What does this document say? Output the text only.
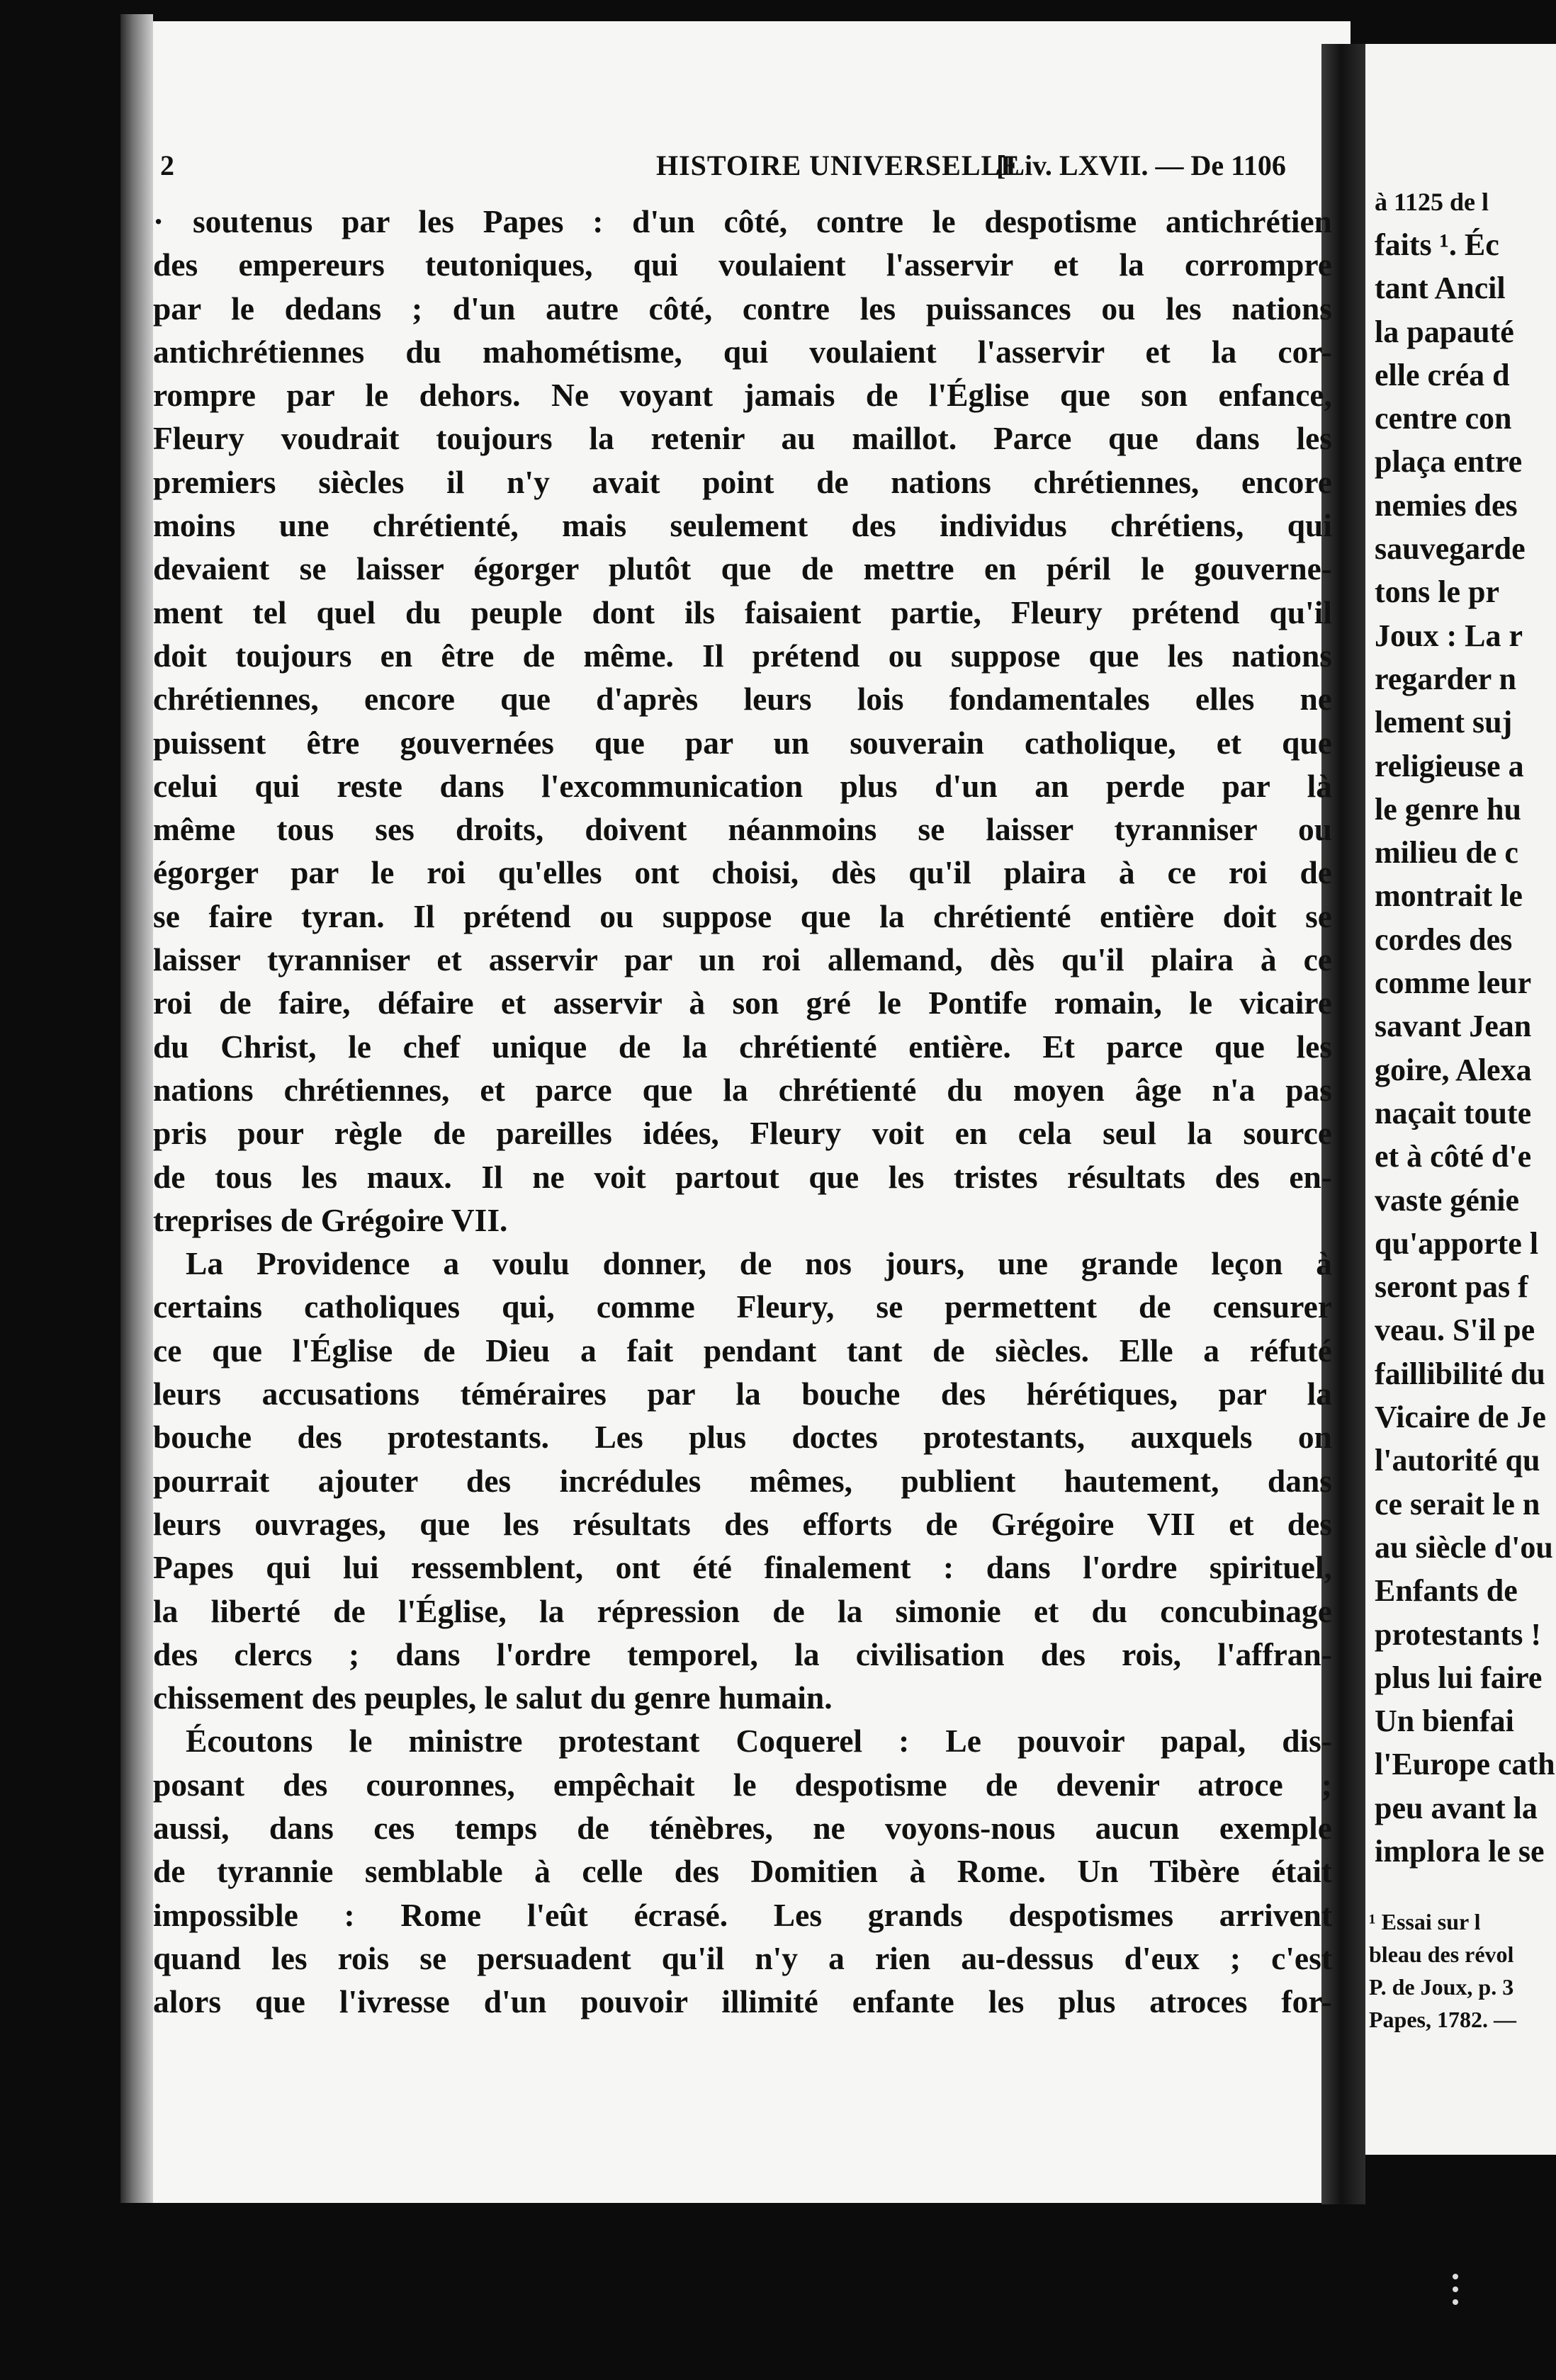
2	HISTOIRE UNIVERSELLE
[Liv. LXVII. — De 1106
· soutenus par les Papes : d'un côté, contre le despotisme antichrétien
des empereurs teutoniques, qui voulaient l'asservir et la corrompre
par le dedans ; d'un autre côté, contre les puissances ou les nations
antichrétiennes du mahométisme, qui voulaient l'asservir et la cor-
rompre par le dehors. Ne voyant jamais de l'Église que son enfance,
Fleury voudrait toujours la retenir au maillot. Parce que dans les
premiers siècles il n'y avait point de nations chrétiennes, encore
moins une chrétienté, mais seulement des individus chrétiens, qui
devaient se laisser égorger plutôt que de mettre en péril le gouverne-
ment tel quel du peuple dont ils faisaient partie, Fleury prétend qu'il
doit toujours en être de même. Il prétend ou suppose que les nations
chrétiennes, encore que d'après leurs lois fondamentales elles ne
puissent être gouvernées que par un souverain catholique, et que
celui qui reste dans l'excommunication plus d'un an perde par là
même tous ses droits, doivent néanmoins se laisser tyranniser ou
égorger par le roi qu'elles ont choisi, dès qu'il plaira à ce roi de
se faire tyran. Il prétend ou suppose que la chrétienté entière doit se
laisser tyranniser et asservir par un roi allemand, dès qu'il plaira à ce
roi de faire, défaire et asservir à son gré le Pontife romain, le vicaire
du Christ, le chef unique de la chrétienté entière. Et parce que les
nations chrétiennes, et parce que la chrétienté du moyen âge n'a pas
pris pour règle de pareilles idées, Fleury voit en cela seul la source
de tous les maux. Il ne voit partout que les tristes résultats des en-
treprises de Grégoire VII.
La Providence a voulu donner, de nos jours, une grande leçon à
certains catholiques qui, comme Fleury, se permettent de censurer
ce que l'Église de Dieu a fait pendant tant de siècles. Elle a réfuté
leurs accusations téméraires par la bouche des hérétiques, par la
bouche des protestants. Les plus doctes protestants, auxquels on
pourrait ajouter des incrédules mêmes, publient hautement, dans
leurs ouvrages, que les résultats des efforts de Grégoire VII et des
Papes qui lui ressemblent, ont été finalement : dans l'ordre spirituel,
la liberté de l'Église, la répression de la simonie et du concubinage
des clercs ; dans l'ordre temporel, la civilisation des rois, l'affran-
chissement des peuples, le salut du genre humain.
Écoutons le ministre protestant Coquerel : Le pouvoir papal, dis-
posant des couronnes, empêchait le despotisme de devenir atroce ;
aussi, dans ces temps de ténèbres, ne voyons-nous aucun exemple
de tyrannie semblable à celle des Domitien à Rome. Un Tibère était
impossible : Rome l'eût écrasé. Les grands despotismes arrivent
quand les rois se persuadent qu'il n'y a rien au-dessus d'eux ; c'est
alors que l'ivresse d'un pouvoir illimité enfante les plus atroces for-
à 1125 de l
faits ¹. Éc
tant Ancil
la papauté
elle créa d
centre con
plaça entre
nemies des
sauvegarde
tons le pr
Joux : La r
regarder n
lement suj
religieuse a
le genre hu
milieu de c
montrait le
cordes des
comme leur
savant Jean
goire, Alexa
naçait toute
et à côté d'e
vaste génie
qu'apporte l
seront pas f
veau. S'il pe
faillibilité du
Vicaire de Je
l'autorité qu
ce serait le n
au siècle d'ou
Enfants de
protestants !
plus lui faire
Un bienfai
l'Europe cath
peu avant la
implora le se
¹ Essai sur l
bleau des révol
P. de Joux, p. 3
Papes, 1782. —
